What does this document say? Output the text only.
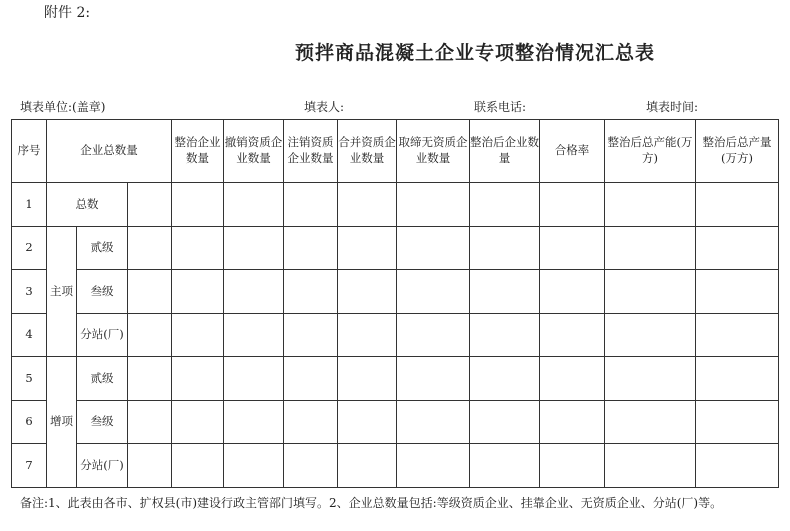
附件 2:
预拌商品混凝土企业专项整治情况汇总表
填表单位:(盖章)	填表人:	联系电话:	填表时间:
序号	企业总数量			整治企业数量	撤销资质企业数量	注销资质企业数量	合并资质企业数量	取缔无资质企业数量	整治后企业数量	合格率	整治后总产能(万方)	整治后总产量(万方)
1	总数											
2	主项	贰级										
3		叁级										
4		分站(厂)										
5	增项	贰级										
6		叁级										
7		分站(厂)										
备注:1、此表由各市、扩权县(市)建设行政主管部门填写。2、企业总数量包括:等级资质企业、挂靠企业、无资质企业、分站(厂)等。
